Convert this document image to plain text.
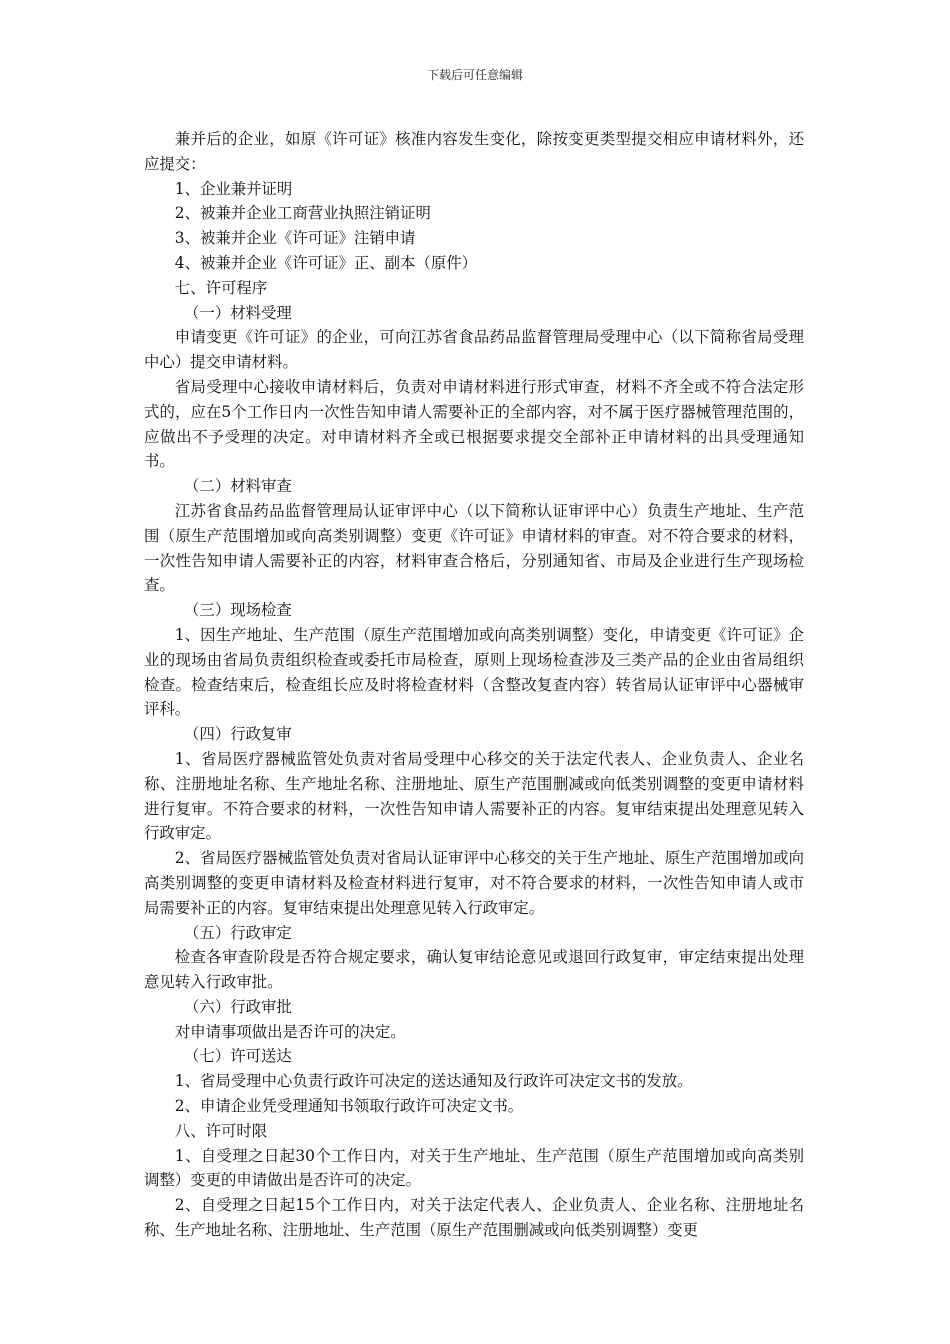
下载后可任意编辑

兼并后的企业，如原《许可证》核准内容发生变化，除按变更类型提交相应申请材料外，还应提交：

1、企业兼并证明

2、被兼并企业工商营业执照注销证明

3、被兼并企业《许可证》注销申请

4、被兼并企业《许可证》正、副本（原件）

七、许可程序

（一）材料受理

申请变更《许可证》的企业，可向江苏省食品药品监督管理局受理中心（以下简称省局受理中心）提交申请材料。

省局受理中心接收申请材料后，负责对申请材料进行形式审查，材料不齐全或不符合法定形式的，应在5个工作日内一次性告知申请人需要补正的全部内容，对不属于医疗器械管理范围的，应做出不予受理的决定。对申请材料齐全或已根据要求提交全部补正申请材料的出具受理通知书。

（二）材料审查

江苏省食品药品监督管理局认证审评中心（以下简称认证审评中心）负责生产地址、生产范围（原生产范围增加或向高类别调整）变更《许可证》申请材料的审查。对不符合要求的材料，一次性告知申请人需要补正的内容，材料审查合格后，分别通知省、市局及企业进行生产现场检查。

（三）现场检查

1、因生产地址、生产范围（原生产范围增加或向高类别调整）变化，申请变更《许可证》企业的现场由省局负责组织检查或委托市局检查，原则上现场检查涉及三类产品的企业由省局组织检查。检查结束后，检查组长应及时将检查材料（含整改复查内容）转省局认证审评中心器械审评科。

（四）行政复审

1、省局医疗器械监管处负责对省局受理中心移交的关于法定代表人、企业负责人、企业名称、注册地址名称、生产地址名称、注册地址、原生产范围删减或向低类别调整的变更申请材料进行复审。不符合要求的材料，一次性告知申请人需要补正的内容。复审结束提出处理意见转入行政审定。

2、省局医疗器械监管处负责对省局认证审评中心移交的关于生产地址、原生产范围增加或向高类别调整的变更申请材料及检查材料进行复审，对不符合要求的材料，一次性告知申请人或市局需要补正的内容。复审结束提出处理意见转入行政审定。

（五）行政审定

检查各审查阶段是否符合规定要求，确认复审结论意见或退回行政复审，审定结束提出处理意见转入行政审批。

（六）行政审批

对申请事项做出是否许可的决定。

（七）许可送达

1、省局受理中心负责行政许可决定的送达通知及行政许可决定文书的发放。

2、申请企业凭受理通知书领取行政许可决定文书。

八、许可时限

1、自受理之日起30个工作日内，对关于生产地址、生产范围（原生产范围增加或向高类别调整）变更的申请做出是否许可的决定。

2、自受理之日起15个工作日内，对关于法定代表人、企业负责人、企业名称、注册地址名称、生产地址名称、注册地址、生产范围（原生产范围删减或向低类别调整）变更
